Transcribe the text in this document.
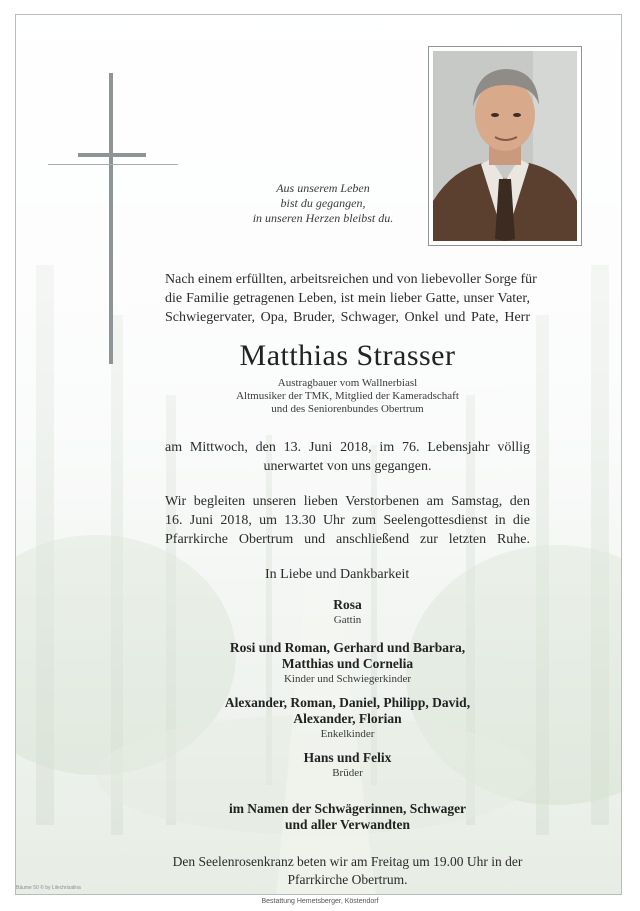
Aus unserem Leben
bist du gegangen,
in unseren Herzen bleibst du.
Nach einem erfüllten, arbeitsreichen und von liebevoller Sorge für
die Familie getragenen Leben, ist mein lieber Gatte, unser Vater,
Schwiegervater, Opa, Bruder, Schwager, Onkel und Pate, Herr
Matthias Strasser
Austragbauer vom Wallnerbiasl
Altmusiker der TMK, Mitglied der Kameradschaft
und des Seniorenbundes Obertrum
am Mittwoch, den 13. Juni 2018, im 76. Lebensjahr völlig
unerwartet von uns gegangen.
Wir begleiten unseren lieben Verstorbenen am Samstag, den
16. Juni 2018, um 13.30 Uhr zum Seelengottesdienst in die
Pfarrkirche Obertrum und anschließend zur letzten Ruhe.
In Liebe und Dankbarkeit
Rosa
Gattin
Rosi und Roman, Gerhard und Barbara,
Matthias und Cornelia
Kinder und Schwiegerkinder
Alexander, Roman, Daniel, Philipp, David,
Alexander, Florian
Enkelkinder
Hans und Felix
Brüder
im Namen der Schwägerinnen, Schwager
und aller Verwandten
Den Seelenrosenkranz beten wir am Freitag um 19.00 Uhr in der
Pfarrkirche Obertrum.
Bäume 50 © by Lilechrisalina
Bestattung Hemetsberger, Köstendorf
